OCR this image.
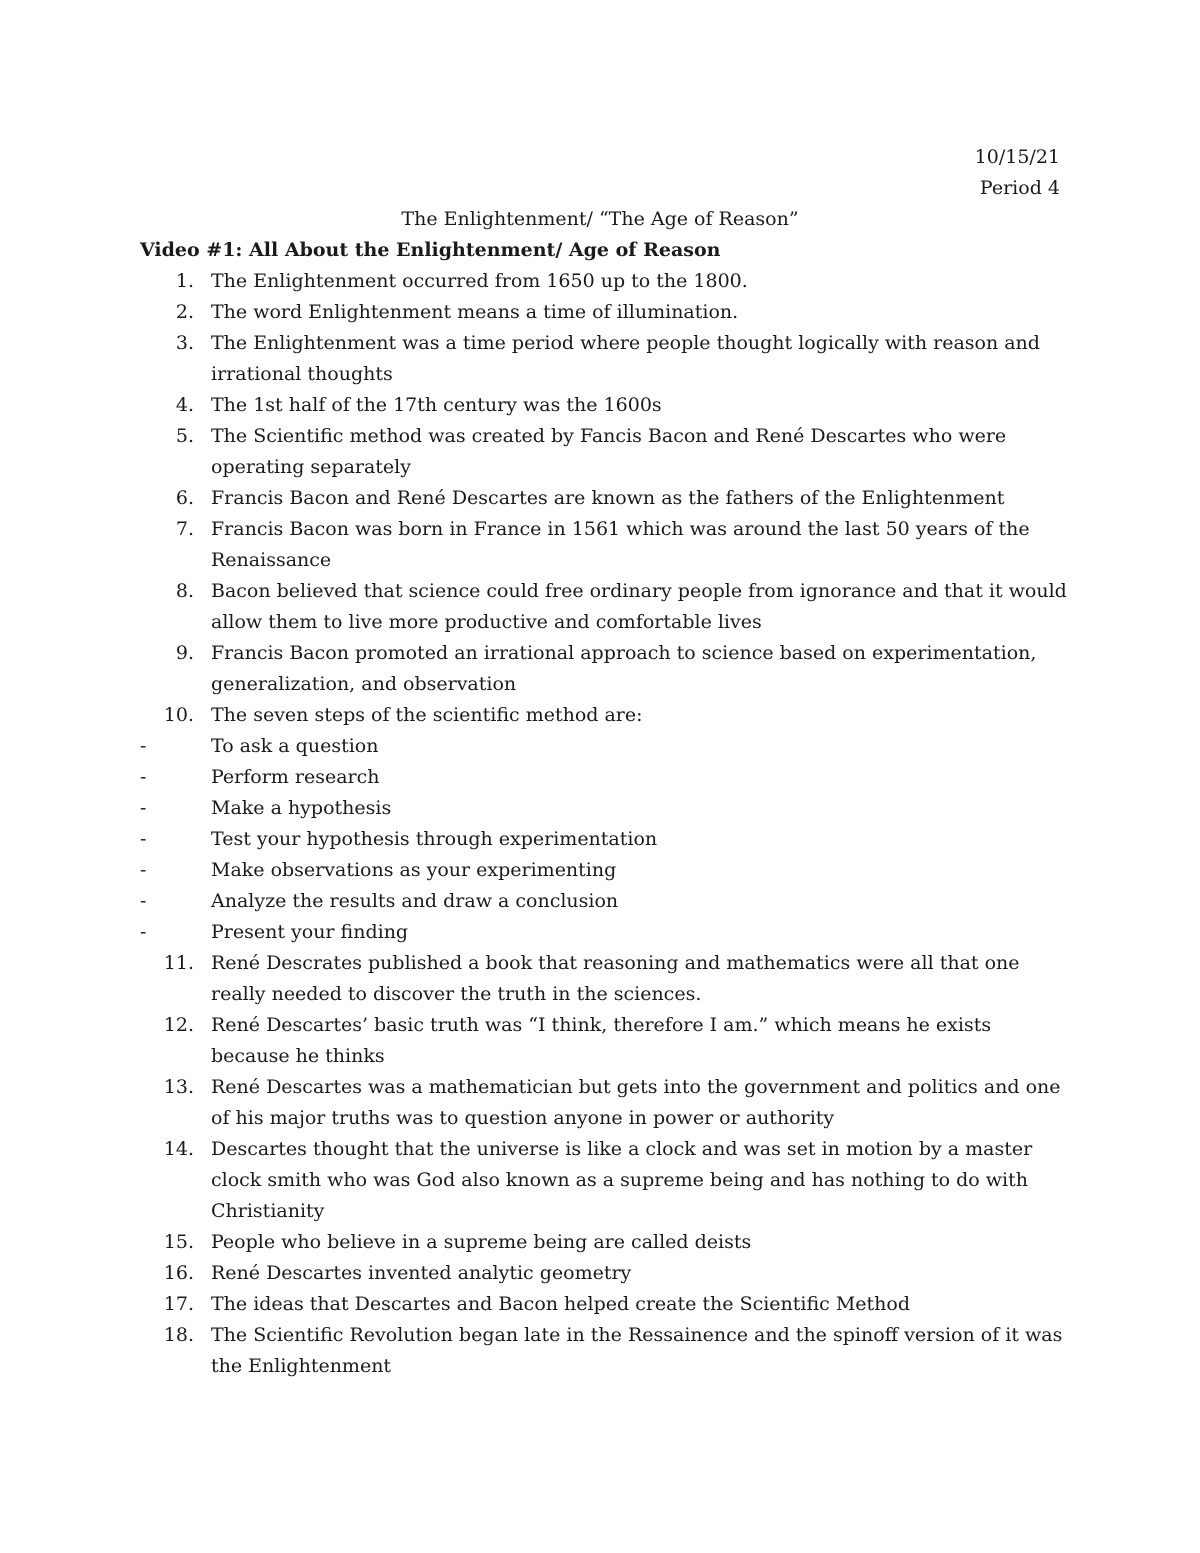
10/15/21
Period 4
The Enlightenment/ “The Age of Reason”
Video #1: All About the Enlightenment/ Age of Reason
1. The Enlightenment occurred from 1650 up to the 1800.
2. The word Enlightenment means a time of illumination.
3. The Enlightenment was a time period where people thought logically with reason and irrational thoughts
4. The 1st half of the 17th century was the 1600s
5. The Scientific method was created by Fancis Bacon and René Descartes who were operating separately
6. Francis Bacon and René Descartes are known as the fathers of the Enlightenment
7. Francis Bacon was born in France in 1561 which was around the last 50 years of the Renaissance
8. Bacon believed that science could free ordinary people from ignorance and that it would allow them to live more productive and comfortable lives
9. Francis Bacon promoted an irrational approach to science based on experimentation, generalization, and observation
10. The seven steps of the scientific method are:
-	To ask a question
-	Perform research
-	Make a hypothesis
-	Test your hypothesis through experimentation
-	Make observations as your experimenting
-	Analyze the results and draw a conclusion
-	Present your finding
11. René Descrates published a book that reasoning and mathematics were all that one really needed to discover the truth in the sciences.
12. René Descartes’ basic truth was “I think, therefore I am.” which means he exists because he thinks
13. René Descartes was a mathematician but gets into the government and politics and one of his major truths was to question anyone in power or authority
14. Descartes thought that the universe is like a clock and was set in motion by a master clock smith who was God also known as a supreme being and has nothing to do with Christianity
15. People who believe in a supreme being are called deists
16. René Descartes invented analytic geometry
17. The ideas that Descartes and Bacon helped create the Scientific Method
18. The Scientific Revolution began late in the Ressainence and the spinoff version of it was the Enlightenment
